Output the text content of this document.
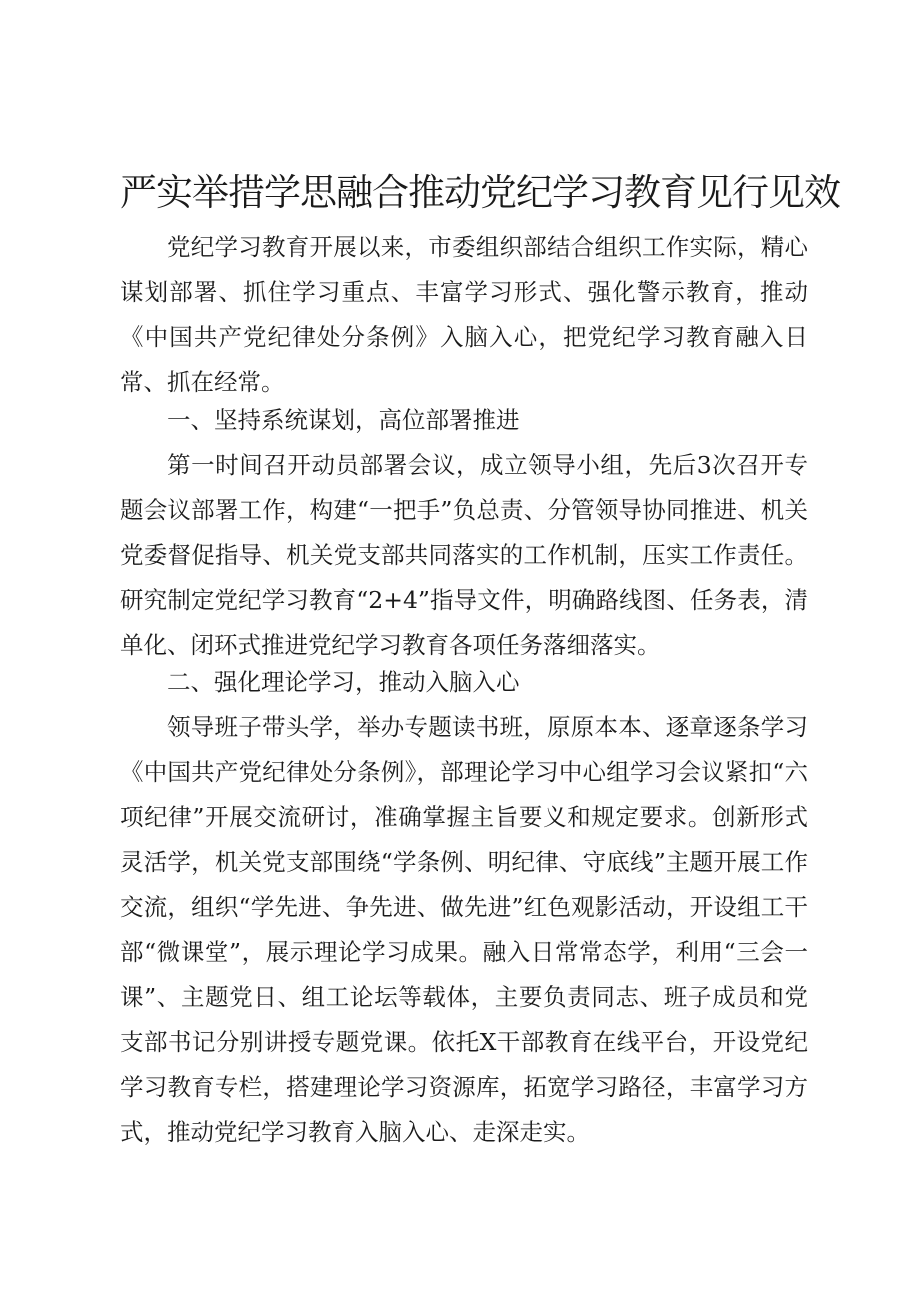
严实举措学思融合推动党纪学习教育见行见效
党纪学习教育开展以来，市委组织部结合组织工作实际，精心谋划部署、抓住学习重点、丰富学习形式、强化警示教育，推动《中国共产党纪律处分条例》入脑入心，把党纪学习教育融入日常、抓在经常。
一、坚持系统谋划，高位部署推进
第一时间召开动员部署会议，成立领导小组，先后3次召开专题会议部署工作，构建“一把手”负总责、分管领导协同推进、机关党委督促指导、机关党支部共同落实的工作机制，压实工作责任。研究制定党纪学习教育“2+4”指导文件，明确路线图、任务表，清单化、闭环式推进党纪学习教育各项任务落细落实。
二、强化理论学习，推动入脑入心
领导班子带头学，举办专题读书班，原原本本、逐章逐条学习《中国共产党纪律处分条例》，部理论学习中心组学习会议紧扣“六项纪律”开展交流研讨，准确掌握主旨要义和规定要求。创新形式灵活学，机关党支部围绕“学条例、明纪律、守底线”主题开展工作交流，组织“学先进、争先进、做先进”红色观影活动，开设组工干部“微课堂”，展示理论学习成果。融入日常常态学，利用“三会一课”、主题党日、组工论坛等载体，主要负责同志、班子成员和党支部书记分别讲授专题党课。依托X干部教育在线平台，开设党纪学习教育专栏，搭建理论学习资源库，拓宽学习路径，丰富学习方式，推动党纪学习教育入脑入心、走深走实。
